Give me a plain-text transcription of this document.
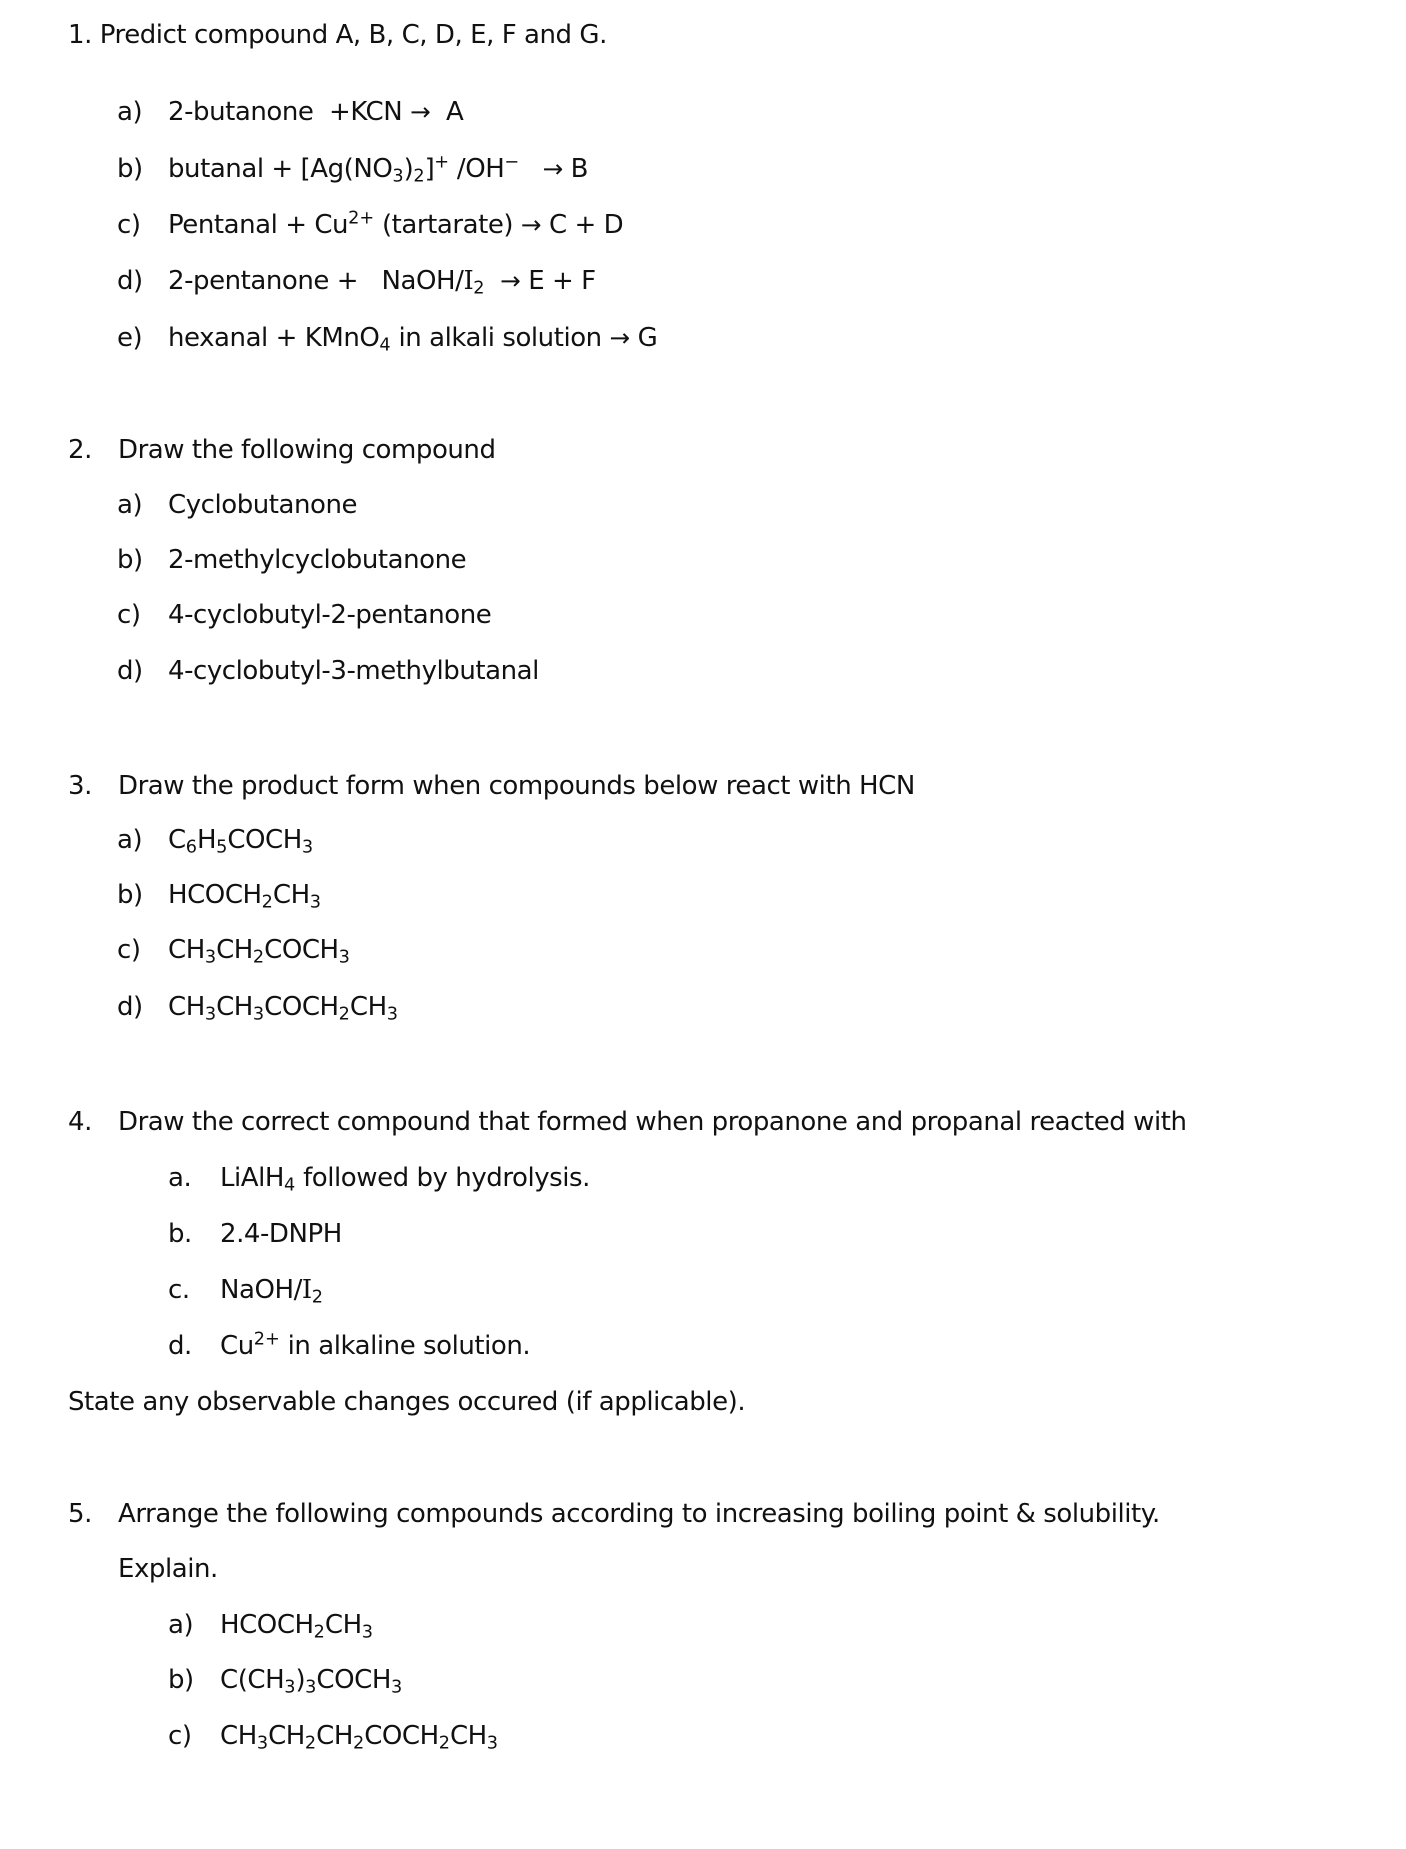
1. Predict compound A, B, C, D, E, F and G.
a) 2-butanone  +KCN →  A
b) butanal + $[Ag(NO_3)_2]^+$ /OH− → B
c) Pentanal + $Cu^{2+}$ (tartarate) → C + D
d) 2-pentanone +   NaOH/$I_2 \to E + F$
e) hexanal + KMnO$_4$ in alkali solution → G
2. Draw the following compound
a) Cyclobutanone
b) 2-methylcyclobutanone
c) 4-cyclobutyl-2-pentanone
d) 4-cyclobutyl-3-methylbutanal
3. Draw the product form when compounds below react with HCN
a) $C_6H_5COCH_3$
b) $HCOCH_2CH_3$
c) $CH_3CH_2COCH_3$
d) $CH_3CH_3COCH_2CH_3$
4. Draw the correct compound that formed when propanone and propanal reacted with
a. LiAlH$_4$ followed by hydrolysis.
b. 2.4-DNPH
c. NaOH/$I_2$
d. $Cu^{2+}$ in alkaline solution.
State any observable changes occured (if applicable).
5. Arrange the following compounds according to increasing boiling point & solubility.
Explain.
a) $HCOCH_2CH_3$
b) $C(CH_3)_3COCH_3$
c) $CH_3CH_2CH_2COCH_2CH_3$
